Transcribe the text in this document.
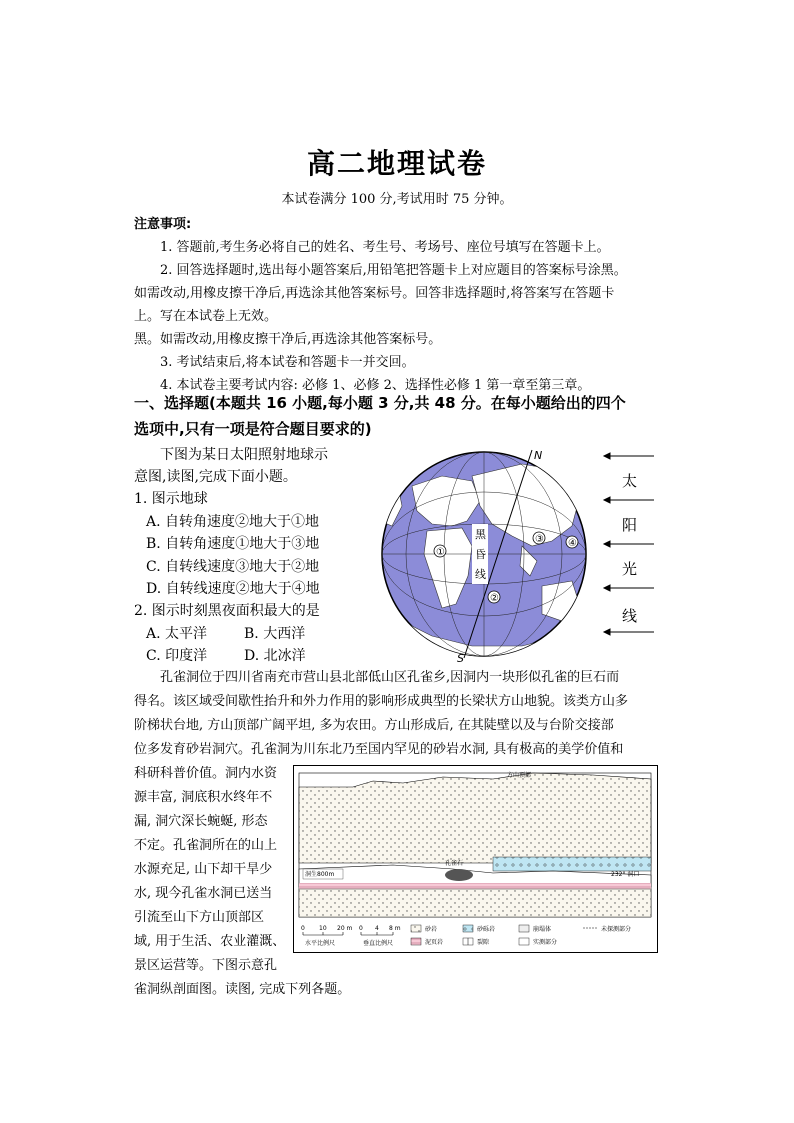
高二地理试卷
本试卷满分 100 分,考试用时 75 分钟。
注意事项:
1. 答题前,考生务必将自己的姓名、考生号、考场号、座位号填写在答题卡上。
2. 回答选择题时,选出每小题答案后,用铅笔把答题卡上对应题目的答案标号涂黑。
如需改动,用橡皮擦干净后,再选涂其他答案标号。回答非选择题时,将答案写在答题卡
上。写在本试卷上无效。
黑。如需改动,用橡皮擦干净后,再选涂其他答案标号。
3. 考试结束后,将本试卷和答题卡一并交回。
4. 本试卷主要考试内容: 必修 1、必修 2、选择性必修 1 第一章至第三章。
一、选择题(本题共 16 小题,每小题 3 分,共 48 分。在每小题给出的四个
选项中,只有一项是符合题目要求的)
下图为某日太阳照射地球示
意图,读图,完成下面小题。
1. 图示地球
A. 自转角速度②地大于①地
B. 自转角速度①地大于③地
C. 自转线速度③地大于②地
D. 自转线速度②地大于④地
2. 图示时刻黑夜面积最大的是
A. 太平洋	B. 大西洋
C. 印度洋	D. 北冰洋
N
S
黑
昏
线
①
②
③ ④
太
阳
光
线
孔雀洞位于四川省南充市营山县北部低山区孔雀乡,因洞内一块形似孔雀的巨石而
得名。该区域受间歇性抬升和外力作用的影响形成典型的长梁状方山地貌。该类方山多
阶梯状台地, 方山顶部广阔平坦, 多为农田。方山形成后, 在其陡壁以及与台阶交接部
位多发育砂岩洞穴。孔雀洞为川东北乃至国内罕见的砂岩水洞, 具有极高的美学价值和
科研科普价值。洞内水资
源丰富, 洞底积水终年不
漏, 洞穴深长蜿蜒, 形态
不定。孔雀洞所在的山上
水源充足, 山下却干旱少
水, 现今孔雀水洞已送当
引流至山下方山顶部区
域, 用于生活、农业灌溉、
景区运营等。下图示意孔
雀洞纵剖面图。读图, 完成下列各题。
方山顶部
孔雀石
洞生800m	232° 洞口
0 10 20 m
水平比例尺
0 4 8 m
垂直比例尺
砂岩	砂砾岩	崩塌体	未探测部分
泥页岩	裂隙	实测部分
